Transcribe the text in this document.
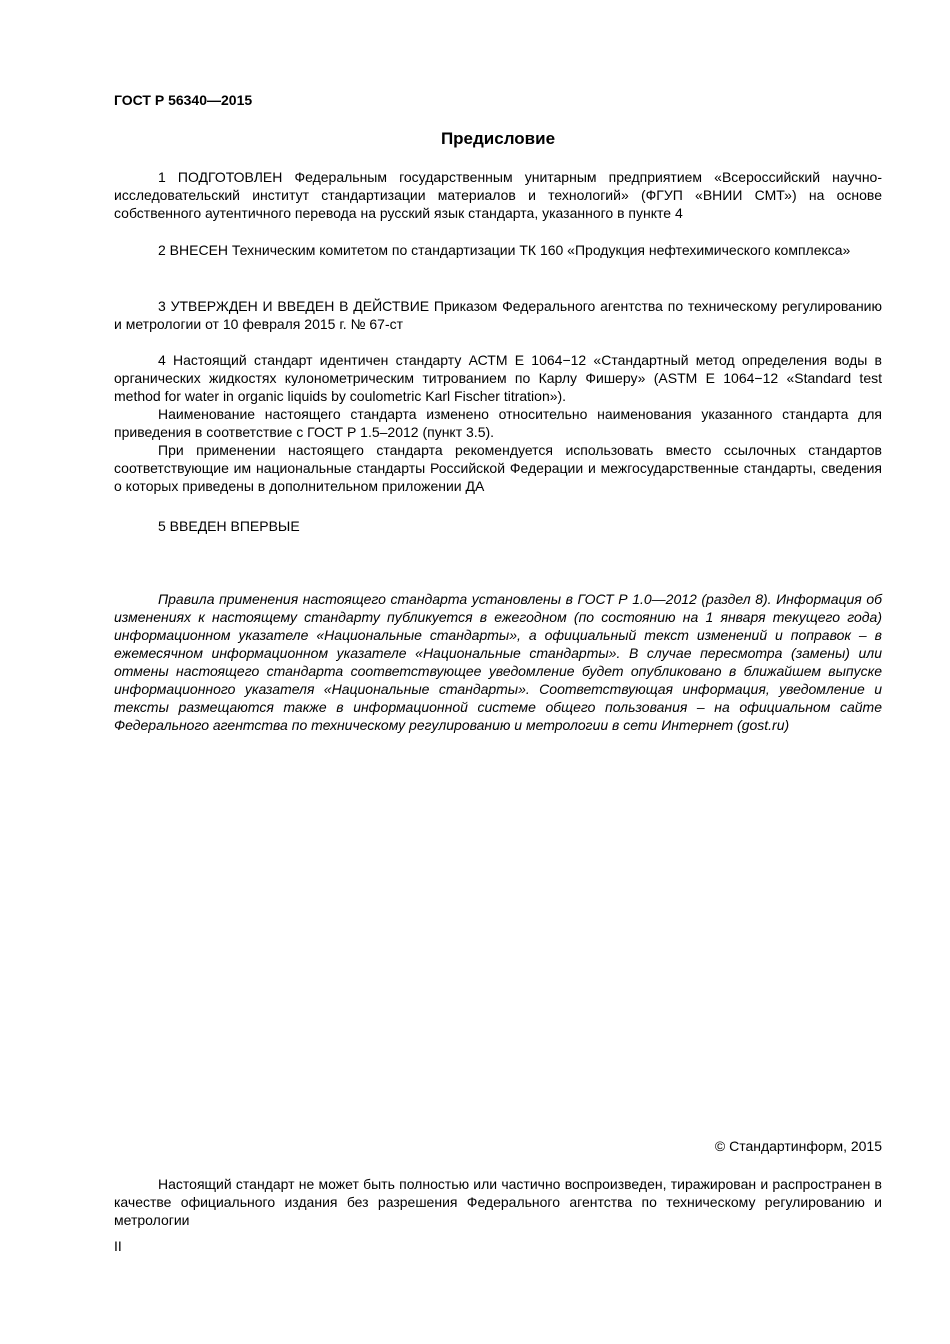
ГОСТ Р 56340—2015
Предисловие

1 ПОДГОТОВЛЕН Федеральным государственным унитарным предприятием «Всероссийский научно-исследовательский институт стандартизации материалов и технологий» (ФГУП «ВНИИ СМТ») на основе собственного аутентичного перевода на русский язык стандарта, указанного в пункте 4

2 ВНЕСЕН Техническим комитетом по стандартизации ТК 160 «Продукция нефтехимического комплекса»

3 УТВЕРЖДЕН И ВВЕДЕН В ДЕЙСТВИЕ Приказом Федерального агентства по техническому регулированию и метрологии от 10 февраля 2015 г. № 67-ст

4 Настоящий стандарт идентичен стандарту АСТМ Е 1064−12 «Стандартный метод определения воды в органических жидкостях кулонометрическим титрованием по Карлу Фишеру» (ASTM E 1064−12 «Standard test method for water in organic liquids by coulometric Karl Fischer titration»).

Наименование настоящего стандарта изменено относительно наименования указанного стандарта для приведения в соответствие с ГОСТ Р 1.5–2012 (пункт 3.5).

При применении настоящего стандарта рекомендуется использовать вместо ссылочных стандартов соответствующие им национальные стандарты Российской Федерации и межгосударственные стандарты, сведения о которых приведены в дополнительном приложении ДА

5 ВВЕДЕН ВПЕРВЫЕ

Правила применения настоящего стандарта установлены в ГОСТ Р 1.0—2012 (раздел 8). Информация об изменениях к настоящему стандарту публикуется в ежегодном (по состоянию на 1 января текущего года) информационном указателе «Национальные стандарты», а официальный текст изменений и поправок – в ежемесячном информационном указателе «Национальные стандарты». В случае пересмотра (замены) или отмены настоящего стандарта соответствующее уведомление будет опубликовано в ближайшем выпуске информационного указателя «Национальные стандарты». Соответствующая информация, уведомление и тексты размещаются также в информационной системе общего пользования – на официальном сайте Федерального агентства по техническому регулированию и метрологии в сети Интернет (gost.ru)

© Стандартинформ, 2015

Настоящий стандарт не может быть полностью или частично воспроизведен, тиражирован и распространен в качестве официального издания без разрешения Федерального агентства по техническому регулированию и метрологии

II
